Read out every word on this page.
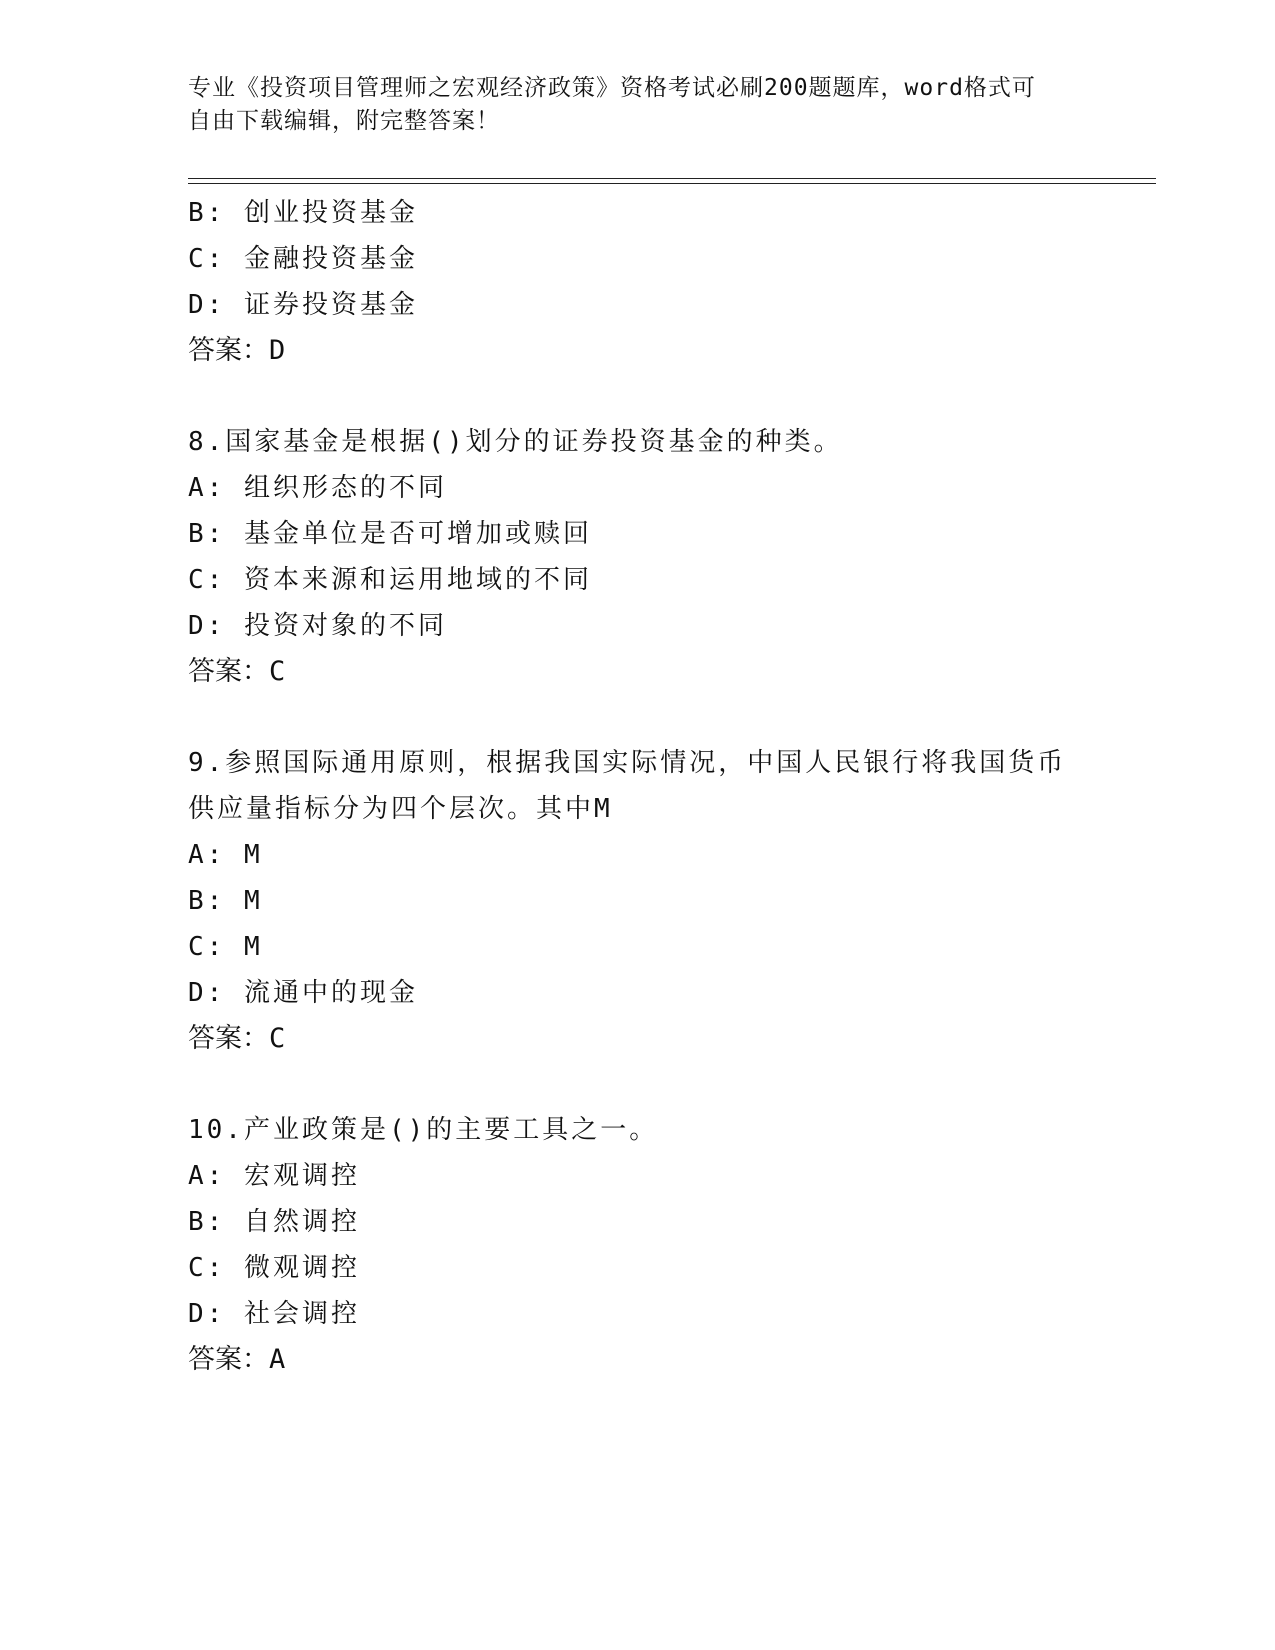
专业《投资项目管理师之宏观经济政策》资格考试必刷200题题库，word格式可
自由下载编辑，附完整答案！
B: 创业投资基金
C: 金融投资基金
D: 证券投资基金
答案：D
8.国家基金是根据()划分的证券投资基金的种类。
A: 组织形态的不同
B: 基金单位是否可增加或赎回
C: 资本来源和运用地域的不同
D: 投资对象的不同
答案：C
9.参照国际通用原则，根据我国实际情况，中国人民银行将我国货币
供应量指标分为四个层次。其中M
A: M
B: M
C: M
D: 流通中的现金
答案：C
10.产业政策是()的主要工具之一。
A: 宏观调控
B: 自然调控
C: 微观调控
D: 社会调控
答案：A
